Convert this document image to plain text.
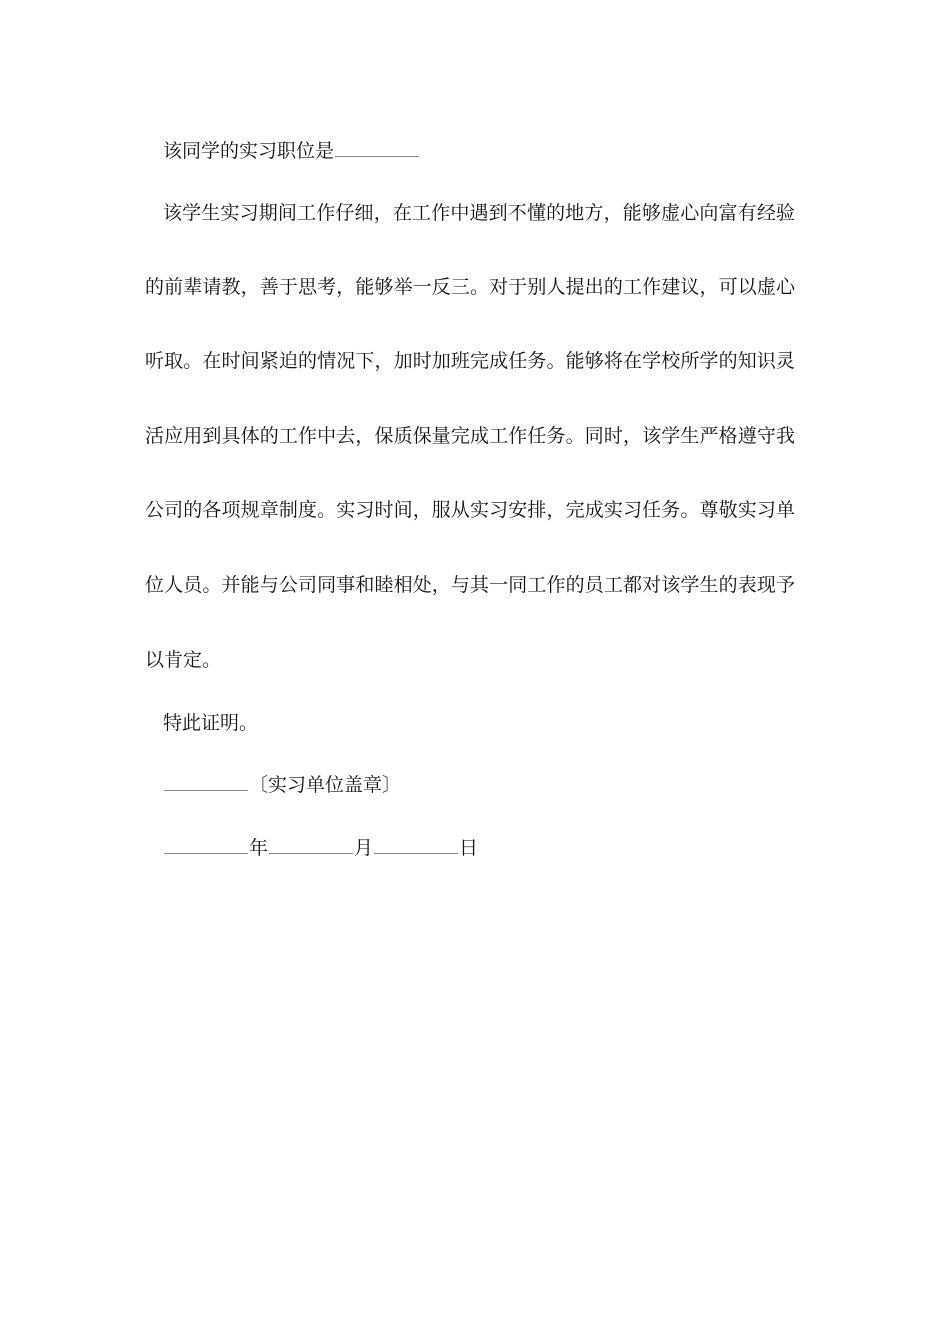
该同学的实习职位是
该学生实习期间工作仔细，在工作中遇到不懂的地方，能够虚心向富有经验
的前辈请教，善于思考，能够举一反三。对于别人提出的工作建议，可以虚心
听取。在时间紧迫的情况下，加时加班完成任务。能够将在学校所学的知识灵
活应用到具体的工作中去，保质保量完成工作任务。同时，该学生严格遵守我
公司的各项规章制度。实习时间，服从实习安排，完成实习任务。尊敬实习单
位人员。并能与公司同事和睦相处，与其一同工作的员工都对该学生的表现予
以肯定。
特此证明。
〔实习单位盖章〕
年	月	日
